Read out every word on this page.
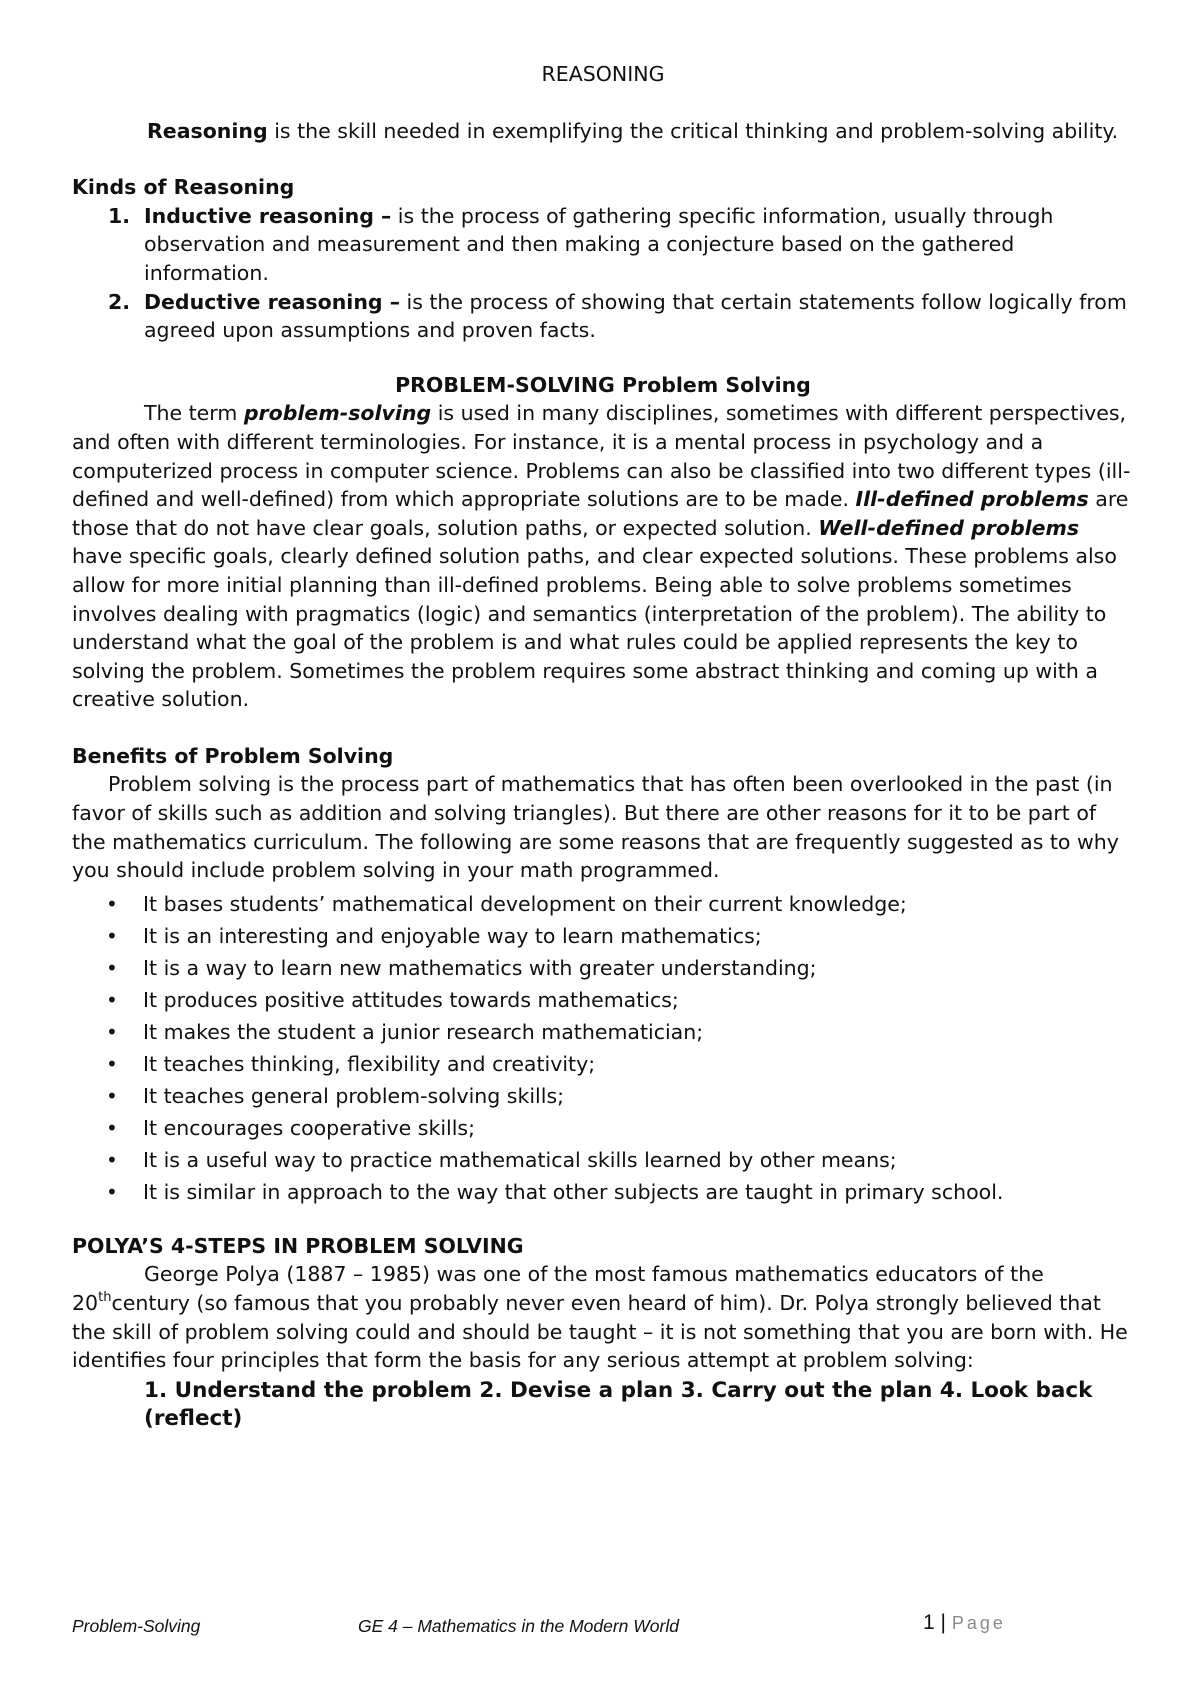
REASONING

Reasoning is the skill needed in exemplifying the critical thinking and problem-solving ability.

Kinds of Reasoning

1. Inductive reasoning – is the process of gathering specific information, usually through observation and measurement and then making a conjecture based on the gathered information.
2. Deductive reasoning – is the process of showing that certain statements follow logically from agreed upon assumptions and proven facts.

PROBLEM-SOLVING Problem Solving

The term problem-solving is used in many disciplines, sometimes with different perspectives, and often with different terminologies. For instance, it is a mental process in psychology and a computerized process in computer science. Problems can also be classified into two different types (ill-defined and well-defined) from which appropriate solutions are to be made. Ill-defined problems are those that do not have clear goals, solution paths, or expected solution. Well-defined problems have specific goals, clearly defined solution paths, and clear expected solutions. These problems also allow for more initial planning than ill-defined problems. Being able to solve problems sometimes involves dealing with pragmatics (logic) and semantics (interpretation of the problem). The ability to understand what the goal of the problem is and what rules could be applied represents the key to solving the problem. Sometimes the problem requires some abstract thinking and coming up with a creative solution.

Benefits of Problem Solving

Problem solving is the process part of mathematics that has often been overlooked in the past (in favor of skills such as addition and solving triangles). But there are other reasons for it to be part of the mathematics curriculum. The following are some reasons that are frequently suggested as to why you should include problem solving in your math programmed.

• It bases students’ mathematical development on their current knowledge;
• It is an interesting and enjoyable way to learn mathematics;
• It is a way to learn new mathematics with greater understanding;
• It produces positive attitudes towards mathematics;
• It makes the student a junior research mathematician;
• It teaches thinking, flexibility and creativity;
• It teaches general problem-solving skills;
• It encourages cooperative skills;
• It is a useful way to practice mathematical skills learned by other means;
• It is similar in approach to the way that other subjects are taught in primary school.

POLYA’S 4-STEPS IN PROBLEM SOLVING

George Polya (1887 – 1985) was one of the most famous mathematics educators of the 20thcentury (so famous that you probably never even heard of him). Dr. Polya strongly believed that the skill of problem solving could and should be taught – it is not something that you are born with. He identifies four principles that form the basis for any serious attempt at problem solving:

1. Understand the problem 2. Devise a plan 3. Carry out the plan 4. Look back (reflect)

Problem-Solving	GE 4 – Mathematics in the Modern World	1 | Page
